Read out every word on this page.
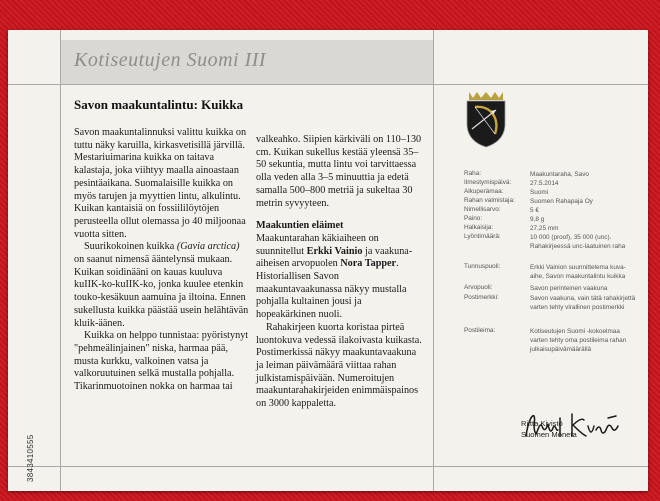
Kotiseutujen Suomi III
Savon maakuntalintu: Kuikka

Savon maakuntalinnuksi valittu kuikka on tuttu näky karuilla, kirkasvetisillä järvillä. Mestariuimarina kuikka on taitava kalastaja, joka viihtyy maalla ainoastaan pesintäaikana. Suomalaisille kuikka on myös tarujen ja myyttien lintu, alkulintu. Kuikan kantaisiä on fossiililöytöjen perusteella ollut olemassa jo 40 miljoonaa vuotta sitten.

Suurikokoinen kuikka (Gavia arctica) on saanut nimensä ääntelynsä mukaan. Kuikan soidinääni on kauas kuuluva kuIIK-ko-kuIIK-ko, jonka kuulee etenkin touko-kesäkuun aamuina ja iltoina. Ennen sukellusta kuikka päästää usein helähtävän kluik-äänen.

Kuikka on helppo tunnistaa: pyöristynyt "pehmeälinjainen" niska, harmaa pää, musta kurkku, valkoinen vatsa ja valkoruutuinen selkä mustalla pohjalla. Tikarinmuotoinen nokka on harmaa tai

valkeahko. Siipien kärkiväli on 110–130 cm. Kuikan sukellus kestää yleensä 35–50 sekuntia, mutta lintu voi tarvittaessa olla veden alla 3–5 minuuttia ja edetä samalla 500–800 metriä ja sukeltaa 30 metrin syvyyteen.

Maakuntien eläimet

Maakuntarahan käkiaiheen on suunnitellut Erkki Vainio ja vaakuna-aiheisen arvopuolen Nora Tapper. Historiallisen Savon maakuntavaakunassa näkyy mustalla pohjalla kultainen jousi ja hopeakärkinen nuoli.

Rahakirjeen kuorta koristaa pirteä luontokuva vedessä ilakoivasta kuikasta. Postimerkissä näkyy maakuntavaakuna ja leiman päivämäärä viittaa rahan julkistamispäivään. Numeroitujen maakuntarahakirjeiden enimmäispainos on 3000 kappaletta.

3843410555
Raha:	Maakuntaraha, Savo
Ilmestymispäivä:	27.5.2014
Alkuperämaa:	Suomi
Rahan valmistaja:	Suomen Rahapaja Oy
Nimellisarvo:	5 €
Paino:	9,8 g
Halkaisija:	27,25 mm
Lyöntimäärä:	10 000 (proof), 35 000 (unc). Rahakirjeessä unc-laatuinen raha
Tunnuspuoli:	Erkki Vainion suunnittelema kuva-aihe, Savon maakuntalintu kuikka
Arvopuoli:	Savon perinteinen vaakuna
Postimerkki:	Savon vaakuna, vain tätä rahakirjettä varten tehty virallinen postimerkki
Postileima:	Kotiseutujen Suomi -kokoelmaa varten tehty oma postileima rahan julkaisupäivämäärällä
Riitta Kivistö
Suomen Moneta
